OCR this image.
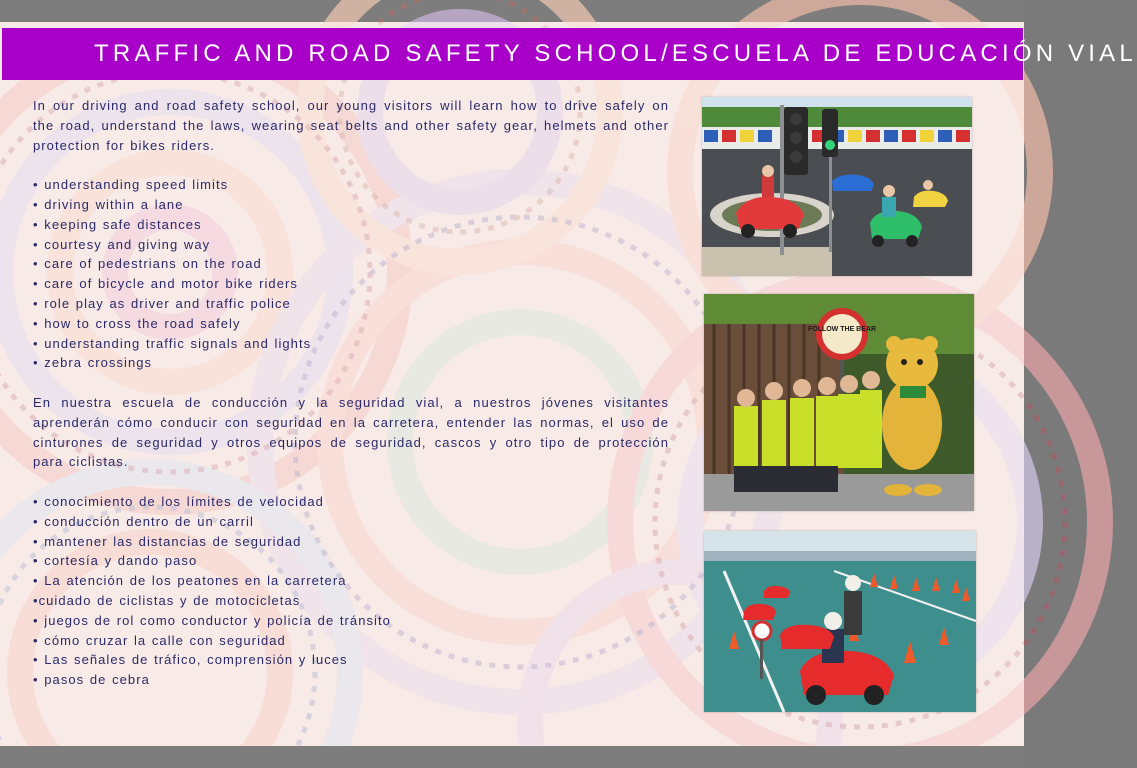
TRAFFIC AND ROAD SAFETY SCHOOL/ESCUELA DE EDUCACIÓN VIAL

In our driving and road safety school, our young visitors will learn how to drive safely on the road, understand the laws, wearing seat belts and other safety gear, helmets and other protection for bikes riders.

• understanding speed limits
• driving within a lane
• keeping safe distances
• courtesy and giving way
• care of pedestrians on the road
• care of bicycle and motor bike riders
• role play as driver and traffic police
• how to cross the road safely
• understanding traffic signals and lights
• zebra crossings

En nuestra escuela de conducción y la seguridad vial, a nuestros jóvenes visitantes aprenderán cómo conducir con seguridad en la carretera, entender las normas, el uso de cinturones de seguridad y otros equipos de seguridad, cascos y otro tipo de protección para ciclistas.

• conocimiento de los límites de velocidad
• conducción dentro de un carril
• mantener las distancias de seguridad
• cortesía y dando paso
• La atención de los peatones en la carretera
•cuidado de ciclistas y de motocicletas
• juegos de rol como conductor y policía de tránsito
• cómo cruzar la calle con seguridad
• Las señales de tráfico, comprensión y luces
• pasos de cebra
FOLLOW THE BEAR
